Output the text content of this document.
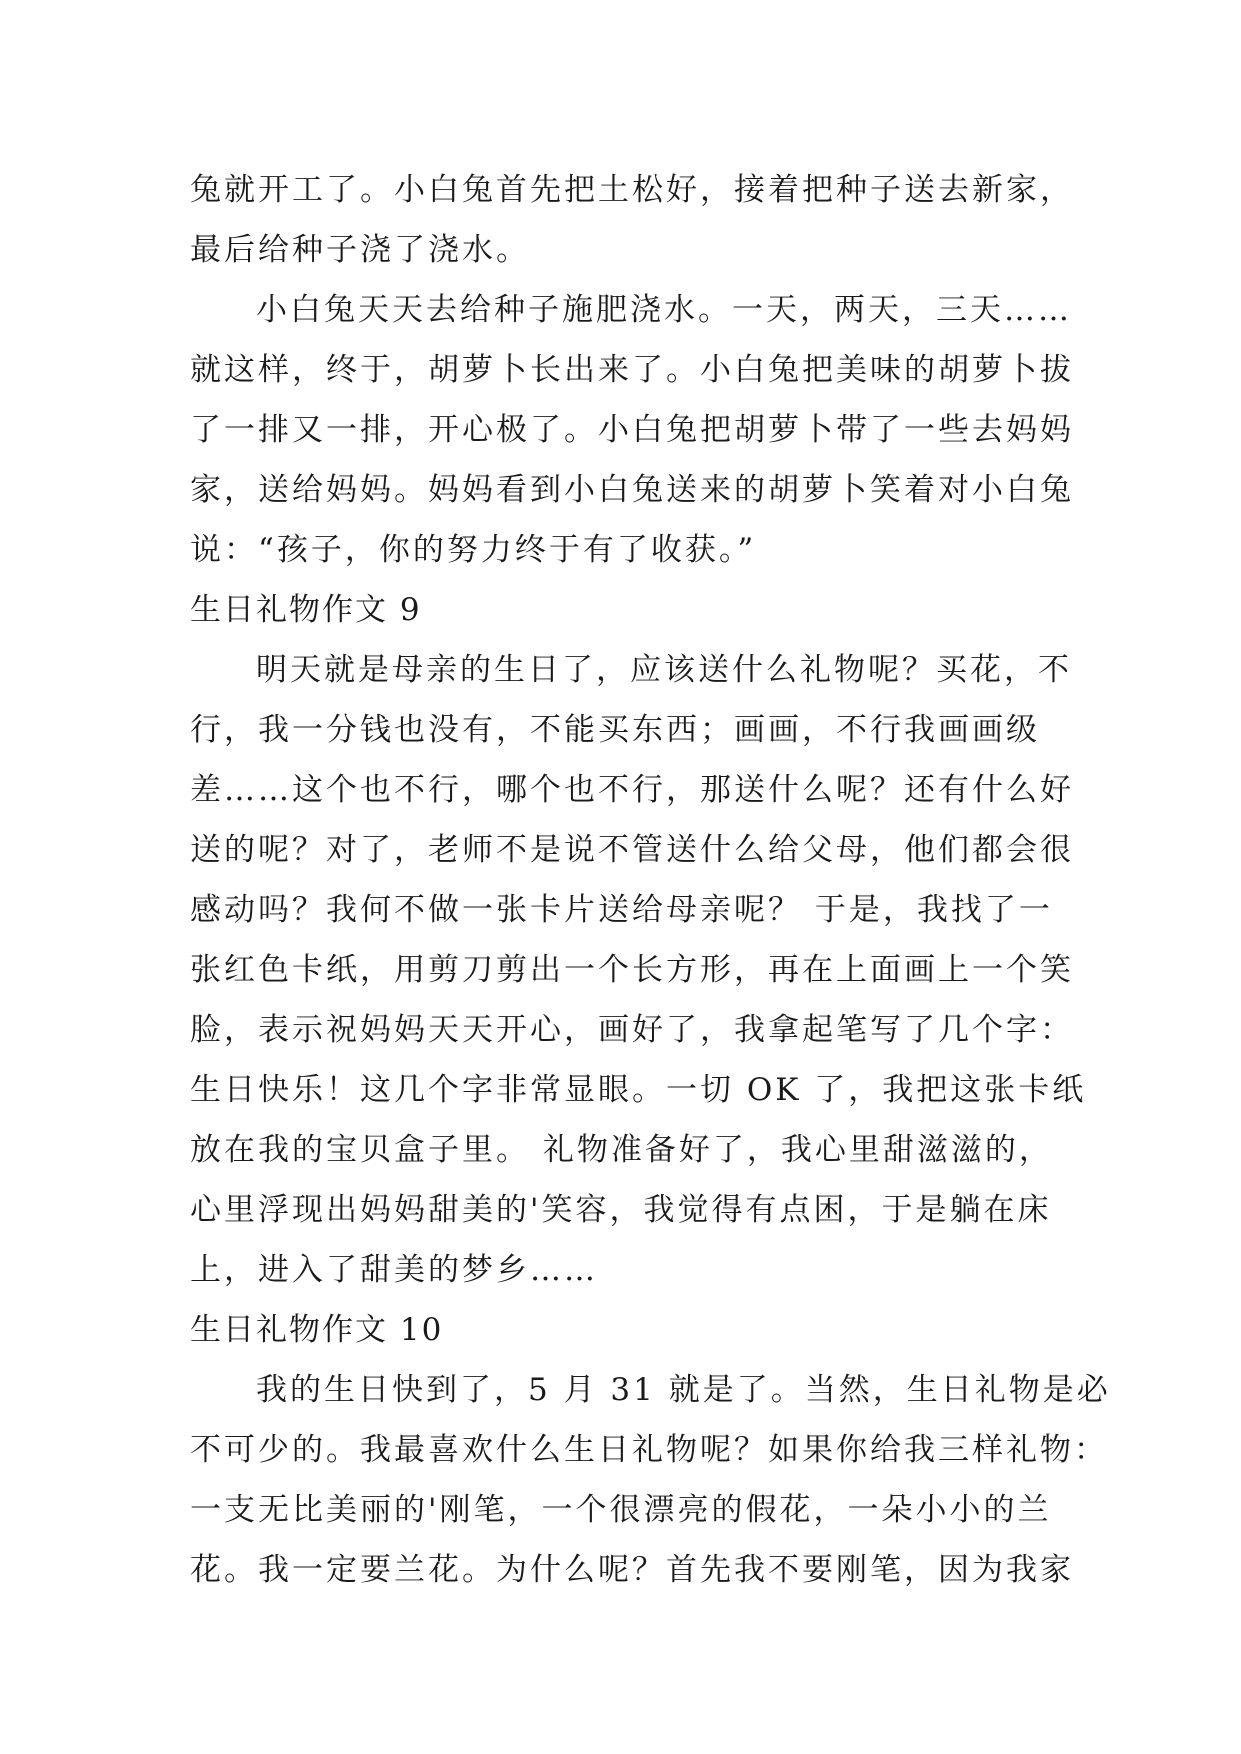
兔就开工了。小白兔首先把土松好，接着把种子送去新家，
最后给种子浇了浇水。
小白兔天天去给种子施肥浇水。一天，两天，三天……
就这样，终于，胡萝卜长出来了。小白兔把美味的胡萝卜拔
了一排又一排，开心极了。小白兔把胡萝卜带了一些去妈妈
家，送给妈妈。妈妈看到小白兔送来的胡萝卜笑着对小白兔
说：“孩子，你的努力终于有了收获。”
生日礼物作文 9
明天就是母亲的生日了，应该送什么礼物呢？买花，不
行，我一分钱也没有，不能买东西；画画，不行我画画级
差……这个也不行，哪个也不行，那送什么呢？还有什么好
送的呢？对了，老师不是说不管送什么给父母，他们都会很
感动吗？我何不做一张卡片送给母亲呢？ 于是，我找了一
张红色卡纸，用剪刀剪出一个长方形，再在上面画上一个笑
脸，表示祝妈妈天天开心，画好了，我拿起笔写了几个字：
生日快乐！这几个字非常显眼。一切 OK 了，我把这张卡纸
放在我的宝贝盒子里。 礼物准备好了，我心里甜滋滋的，
心里浮现出妈妈甜美的'笑容，我觉得有点困，于是躺在床
上，进入了甜美的梦乡……
生日礼物作文 10
我的生日快到了，5 月 31 就是了。当然，生日礼物是必
不可少的。我最喜欢什么生日礼物呢？如果你给我三样礼物：
一支无比美丽的'刚笔，一个很漂亮的假花，一朵小小的兰
花。我一定要兰花。为什么呢？首先我不要刚笔，因为我家
